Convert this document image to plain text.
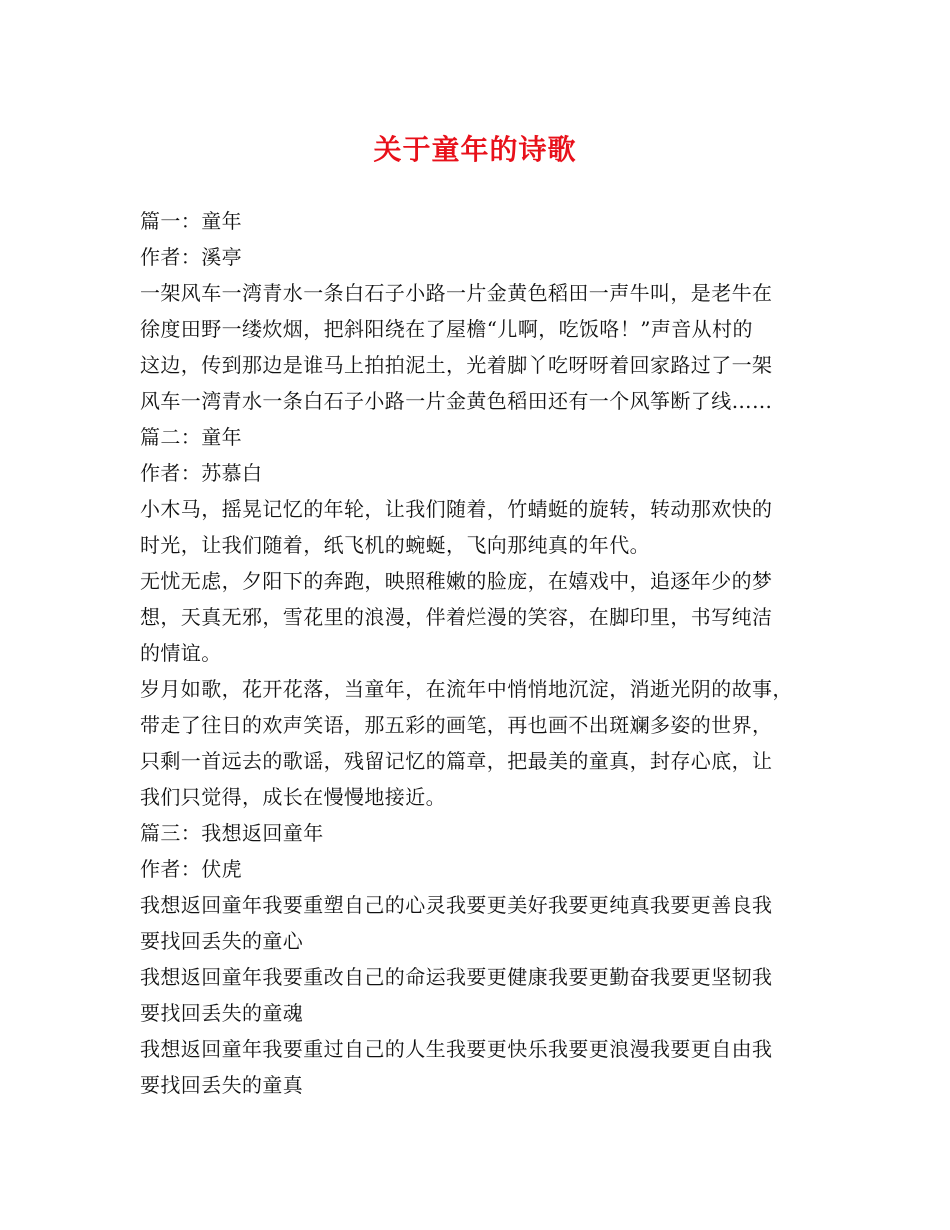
关于童年的诗歌
篇一：童年
作者：溪亭
一架风车一湾青水一条白石子小路一片金黄色稻田一声牛叫，是老牛在
徐度田野一缕炊烟，把斜阳绕在了屋檐“儿啊，吃饭咯！”声音从村的
这边，传到那边是谁马上拍拍泥土，光着脚丫吃呀呀着回家路过了一架
风车一湾青水一条白石子小路一片金黄色稻田还有一个风筝断了线……
篇二：童年
作者：苏慕白
小木马，摇晃记忆的年轮，让我们随着，竹蜻蜓的旋转，转动那欢快的
时光，让我们随着，纸飞机的蜿蜒，飞向那纯真的年代。
无忧无虑，夕阳下的奔跑，映照稚嫩的脸庞，在嬉戏中，追逐年少的梦
想，天真无邪，雪花里的浪漫，伴着烂漫的笑容，在脚印里，书写纯洁
的情谊。
岁月如歌，花开花落，当童年，在流年中悄悄地沉淀，消逝光阴的故事，
带走了往日的欢声笑语，那五彩的画笔，再也画不出斑斓多姿的世界，
只剩一首远去的歌谣，残留记忆的篇章，把最美的童真，封存心底，让
我们只觉得，成长在慢慢地接近。
篇三：我想返回童年
作者：伏虎
我想返回童年我要重塑自己的心灵我要更美好我要更纯真我要更善良我
要找回丢失的童心
我想返回童年我要重改自己的命运我要更健康我要更勤奋我要更坚韧我
要找回丢失的童魂
我想返回童年我要重过自己的人生我要更快乐我要更浪漫我要更自由我
要找回丢失的童真
